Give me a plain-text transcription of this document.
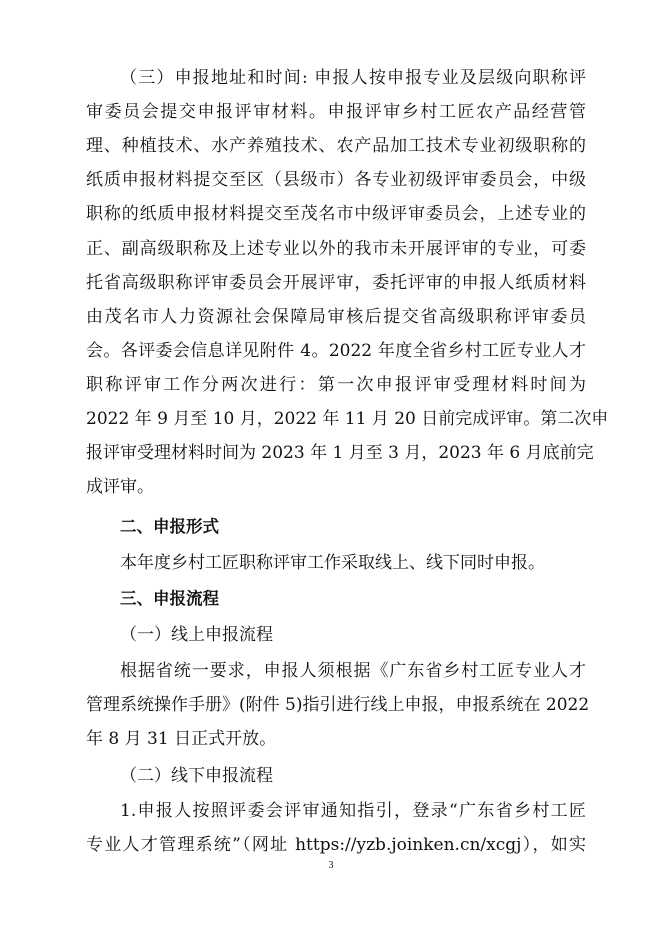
（三）申报地址和时间: 申报人按申报专业及层级向职称评
审委员会提交申报评审材料。申报评审乡村工匠农产品经营管
理、种植技术、水产养殖技术、农产品加工技术专业初级职称的
纸质申报材料提交至区（县级市）各专业初级评审委员会，中级
职称的纸质申报材料提交至茂名市中级评审委员会，上述专业的
正、副高级职称及上述专业以外的我市未开展评审的专业，可委
托省高级职称评审委员会开展评审，委托评审的申报人纸质材料
由茂名市人力资源社会保障局审核后提交省高级职称评审委员
会。各评委会信息详见附件 4。2022 年度全省乡村工匠专业人才
职称评审工作分两次进行：第一次申报评审受理材料时间为
2022 年 9 月至 10 月，2022 年 11 月 20 日前完成评审。第二次申
报评审受理材料时间为 2023 年 1 月至 3 月，2023 年 6 月底前完
成评审。
二、申报形式
本年度乡村工匠职称评审工作采取线上、线下同时申报。
三、申报流程
（一）线上申报流程
根据省统一要求，申报人须根据《广东省乡村工匠专业人才
管理系统操作手册》(附件 5)指引进行线上申报，申报系统在 2022
年 8 月 31 日正式开放。
（二）线下申报流程
1.申报人按照评委会评审通知指引，登录“广东省乡村工匠
专业人才管理系统”（网址 https://yzb.joinken.cn/xcgj），如实
3
